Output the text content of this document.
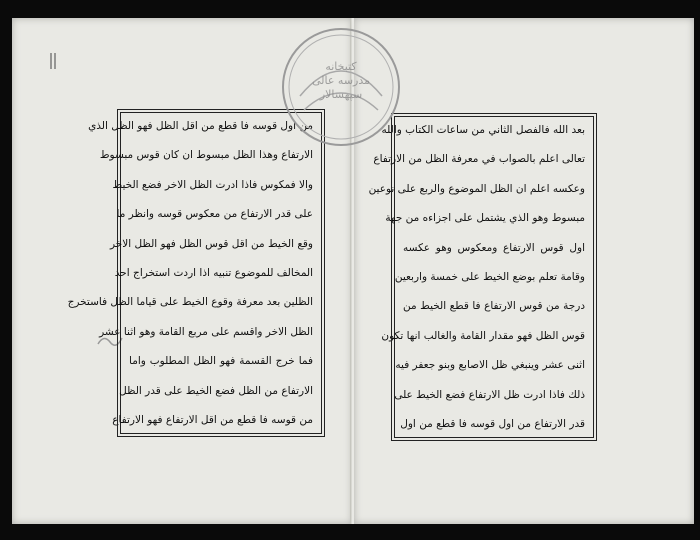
من اول قوسه فا قطع من اقل الظل فهو الظل الذي
الارتفاع وهذا الظل مبسوط ان كان قوس مبسوط
والا فمكوس فاذا ادرت الظل الاخر فضع الخيط
على قدر الارتفاع من معكوس قوسه وانظر ما
وقع الخيط من اقل قوس الظل فهو الظل الاخر
المخالف للموضوع تنبيه اذا اردت استخراج احد
الظلين بعد معرفة وقوع الخيط على قياما الظل فاستخرج
الظل الاخر واقسم على مربع القامة وهو اثنا عشر
فما خرج القسمة فهو الظل المطلوب واما
الارتفاع من الظل فضع الخيط على قدر الظل
من قوسه فا قطع من اقل الارتفاع فهو الارتفاع
بعد الله فالفصل الثاني من ساعات الكتاب والله
تعالى اعلم بالصواب في معرفة الظل من الارتفاع
وعكسه اعلم ان الظل الموضوع والربع على نوعين
مبسوط وهو الذي يشتمل على اجزاءه من جهة
اول قوس الارتفاع ومعكوس وهو عكسه
وقامة تعلم بوضع الخيط على خمسة واربعين
درجة من قوس الارتفاع فا قطع الخيط من
قوس الظل فهو مقدار القامة والغالب انها تكون
اثنى عشر وينبغي ظل الاصابع وبنو جعفر فيه
ذلك فاذا ادرت ظل الارتفاع فضع الخيط على
قدر الارتفاع من اول قوسه فا قطع من اول
كتبخانه
مدرسه عالى
سپهسالار
